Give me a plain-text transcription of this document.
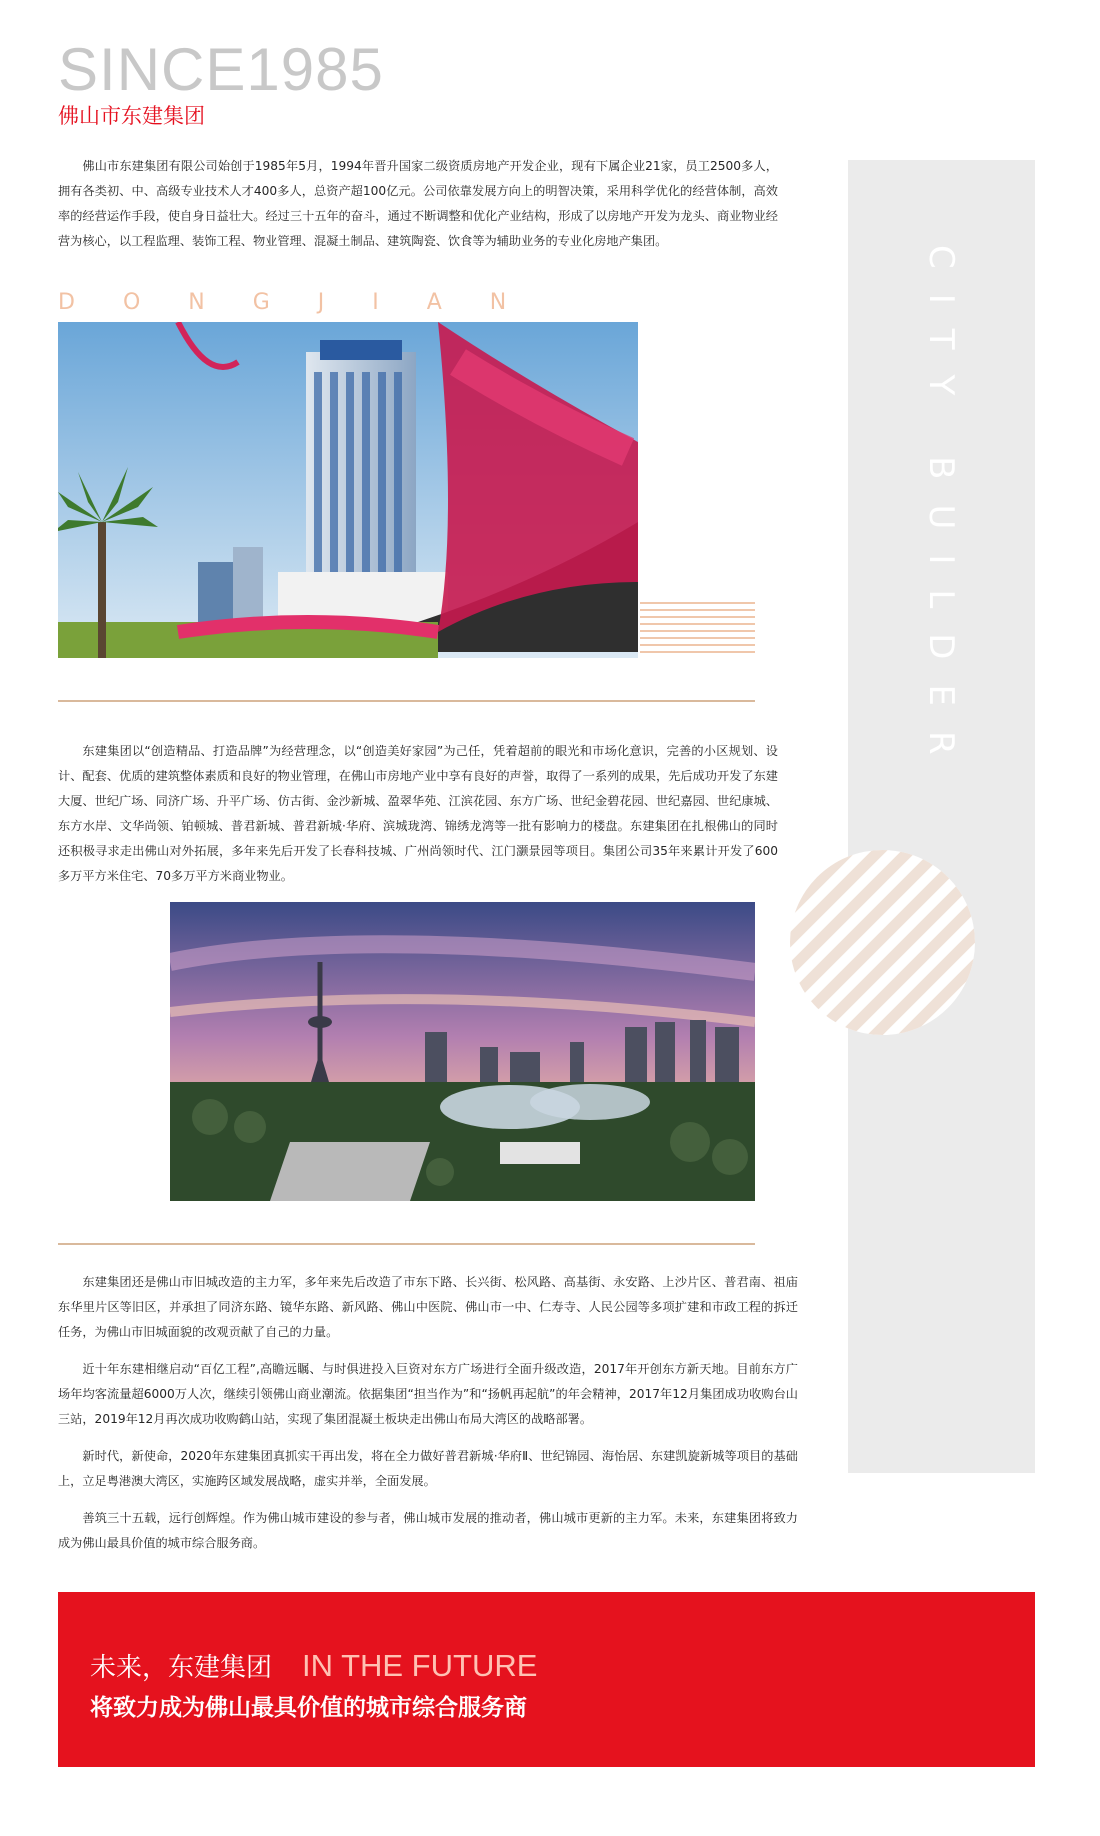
SINCE1985
佛山市东建集团

佛山市东建集团有限公司始创于1985年5月，1994年晋升国家二级资质房地产开发企业，现有下属企业21家，员工2500多人，拥有各类初、中、高级专业技术人才400多人，总资产超100亿元。公司依靠发展方向上的明智决策，采用科学优化的经营体制，高效率的经营运作手段，使自身日益壮大。经过三十五年的奋斗，通过不断调整和优化产业结构，形成了以房地产开发为龙头、商业物业经营为核心，以工程监理、装饰工程、物业管理、混凝土制品、建筑陶瓷、饮食等为辅助业务的专业化房地产集团。

DONGJIAN

东建集团以“创造精品、打造品牌”为经营理念，以“创造美好家园”为己任，凭着超前的眼光和市场化意识，完善的小区规划、设计、配套、优质的建筑整体素质和良好的物业管理，在佛山市房地产业中享有良好的声誉，取得了一系列的成果，先后成功开发了东建大厦、世纪广场、同济广场、升平广场、仿古街、金沙新城、盈翠华苑、江滨花园、东方广场、世纪金碧花园、世纪嘉园、世纪康城、东方水岸、文华尚领、铂顿城、普君新城、普君新城·华府、滨城珑湾、锦绣龙湾等一批有影响力的楼盘。东建集团在扎根佛山的同时还积极寻求走出佛山对外拓展，多年来先后开发了长春科技城、广州尚领时代、江门灏景园等项目。集团公司35年来累计开发了600多万平方米住宅、70多万平方米商业物业。

东建集团还是佛山市旧城改造的主力军，多年来先后改造了市东下路、长兴街、松风路、高基街、永安路、上沙片区、普君南、祖庙东华里片区等旧区，并承担了同济东路、镜华东路、新风路、佛山中医院、佛山市一中、仁寿寺、人民公园等多项扩建和市政工程的拆迁任务，为佛山市旧城面貌的改观贡献了自己的力量。

近十年东建相继启动“百亿工程”,高瞻远瞩、与时俱进投入巨资对东方广场进行全面升级改造，2017年开创东方新天地。目前东方广场年均客流量超6000万人次，继续引领佛山商业潮流。依据集团“担当作为”和“扬帆再起航”的年会精神，2017年12月集团成功收购台山三站，2019年12月再次成功收购鹤山站，实现了集团混凝土板块走出佛山布局大湾区的战略部署。

新时代，新使命，2020年东建集团真抓实干再出发，将在全力做好普君新城·华府Ⅱ、世纪锦园、海怡居、东建凯旋新城等项目的基础上，立足粤港澳大湾区，实施跨区域发展战略，虚实并举，全面发展。

善筑三十五载，远行创辉煌。作为佛山城市建设的参与者，佛山城市发展的推动者，佛山城市更新的主力军。未来，东建集团将致力成为佛山最具价值的城市综合服务商。

CITY BUILDER
未来，东建集团 IN THE FUTURE
将致力成为佛山最具价值的城市综合服务商
